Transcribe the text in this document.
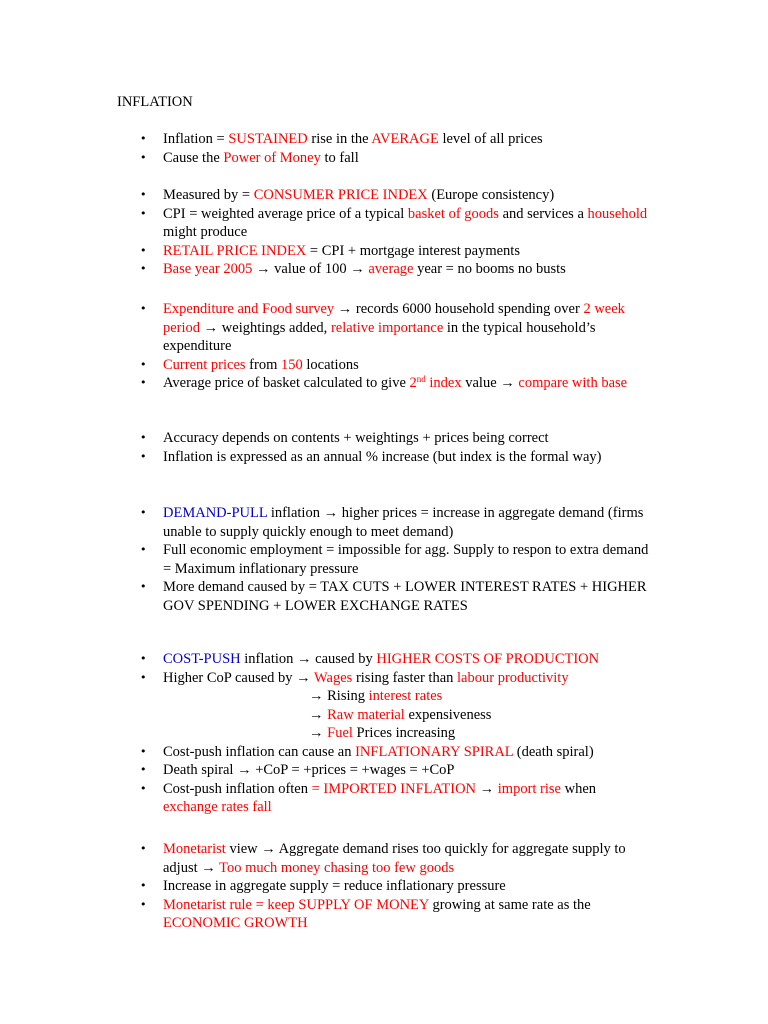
INFLATION
• Inflation = SUSTAINED rise in the AVERAGE level of all prices
• Cause the Power of Money to fall
• Measured by = CONSUMER PRICE INDEX (Europe consistency)
• CPI = weighted average price of a typical basket of goods and services a household might produce
• RETAIL PRICE INDEX = CPI + mortgage interest payments
• Base year 2005 → value of 100 → average year = no booms no busts
• Expenditure and Food survey → records 6000 household spending over 2 week period → weightings added, relative importance in the typical household’s expenditure
• Current prices from 150 locations
• Average price of basket calculated to give 2nd index value → compare with base
• Accuracy depends on contents + weightings + prices being correct
• Inflation is expressed as an annual % increase (but index is the formal way)
• DEMAND-PULL inflation → higher prices = increase in aggregate demand (firms unable to supply quickly enough to meet demand)
• Full economic employment = impossible for agg. Supply to respon to extra demand = Maximum inflationary pressure
• More demand caused by = TAX CUTS + LOWER INTEREST RATES + HIGHER GOV SPENDING + LOWER EXCHANGE RATES
• COST-PUSH inflation → caused by HIGHER COSTS OF PRODUCTION
• Higher CoP caused by → Wages rising faster than labour productivity
→ Rising interest rates
→ Raw material expensiveness
→ Fuel Prices increasing
• Cost-push inflation can cause an INFLATIONARY SPIRAL (death spiral)
• Death spiral → +CoP = +prices = +wages = +CoP
• Cost-push inflation often = IMPORTED INFLATION → import rise when exchange rates fall
• Monetarist view → Aggregate demand rises too quickly for aggregate supply to adjust → Too much money chasing too few goods
• Increase in aggregate supply = reduce inflationary pressure
• Monetarist rule = keep SUPPLY OF MONEY growing at same rate as the ECONOMIC GROWTH
